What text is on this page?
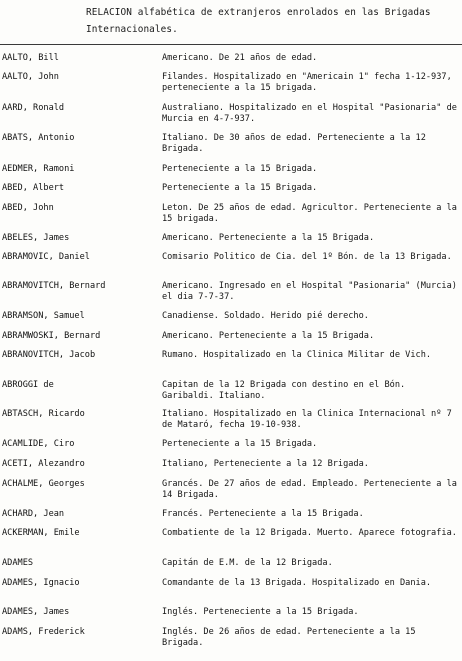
RELACION alfabética de extranjeros enrolados en las Brigadas
Internacionales.
AALTO, Bill	Americano. De 21 años de edad.
AALTO, John	Filandes. Hospitalizado en "Americain 1" fecha 1-12-937, perteneciente a la 15 brigada.
AARD, Ronald	Australiano. Hospitalizado en el Hospital "Pasionaria" de Murcia en 4-7-937.
ABATS, Antonio	Italiano. De 30 años de edad. Perteneciente a la 12 Brigada.
AEDMER, Ramoni	Perteneciente a la 15 Brigada.
ABED, Albert	Perteneciente a la 15 Brigada.
ABED, John	Leton. De 25 años de edad. Agricultor. Perteneciente a la 15 brigada.
ABELES, James	Americano. Perteneciente a la 15 Brigada.
ABRAMOVIC, Daniel	Comisario Politico de Cia. del 1º Bón. de la 13 Brigada.
ABRAMOVITCH, Bernard	Americano. Ingresado en el Hospital "Pasionaria" (Murcia) el dia 7-7-37.
ABRAMSON, Samuel	Canadiense. Soldado. Herido pié derecho.
ABRAMWOSKI, Bernard	Americano. Perteneciente a la 15 Brigada.
ABRANOVITCH, Jacob	Rumano. Hospitalizado en la Clinica Militar de Vich.
ABROGGI de	Capitan de la 12 Brigada con destino en el Bón. Garibaldi. Italiano.
ABTASCH, Ricardo	Italiano. Hospitalizado en la Clinica Internacional nº 7 de Mataró, fecha 19-10-938.
ACAMLIDE, Ciro	Perteneciente a la 15 Brigada.
ACETI, Alezandro	Italiano, Perteneciente a la 12 Brigada.
ACHALME, Georges	Grancés. De 27 años de edad. Empleado. Perteneciente a la 14 Brigada.
ACHARD, Jean	Francés. Perteneciente a la 15 Brigada.
ACKERMAN, Emile	Combatiente de la 12 Brigada. Muerto. Aparece fotografia.
ADAMES	Capitán de E.M. de la 12 Brigada.
ADAMES, Ignacio	Comandante de la 13 Brigada. Hospitalizado en Dania.
ADAMES, James	Inglés. Perteneciente a la 15 Brigada.
ADAMS, Frederick	Inglés. De 26 años de edad. Perteneciente a la 15 Brigada.
